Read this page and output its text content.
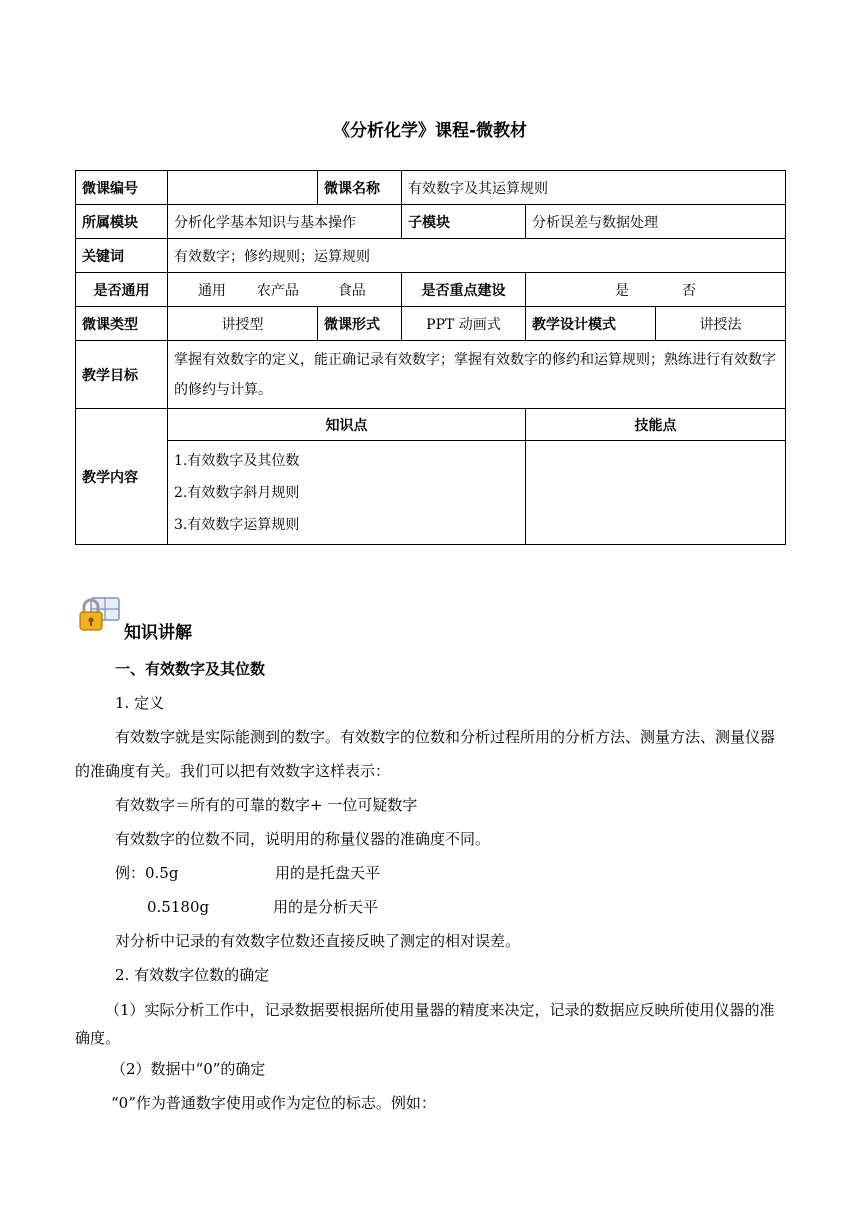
《分析化学》课程-微教材
微课编号		微课名称	有效数字及其运算规则		
所属模块	分析化学基本知识与基本操作		子模块	分析误差与数据处理	
关键词	有效数字；修约规则；运算规则				
是否通用	通用 农产品 食品		是否重点建设	是 否	
微课类型	讲授型	微课形式	PPT 动画式	教学设计模式	讲授法
教学目标	掌握有效数字的定义，能正确记录有效数字；掌握有效数字的修约和运算规则；熟练进行有效数字的修约与计算。				
教学内容	知识点			技能点	

	1.有效数字及其位数

2.有效数字斜月规则

3.有效数字运算规则				

知识讲解

一、有效数字及其位数

1. 定义

有效数字就是实际能测到的数字。有效数字的位数和分析过程所用的分析方法、测量方法、测量仪器的准确度有关。我们可以把有效数字这样表示：

有效数字＝所有的可靠的数字+ 一位可疑数字

有效数字的位数不同，说明用的称量仪器的准确度不同。

例：0.5g	用的是托盘天平

0.5180g	用的是分析天平

对分析中记录的有效数字位数还直接反映了测定的相对误差。

2. 有效数字位数的确定

（1）实际分析工作中，记录数据要根据所使用量器的精度来决定，记录的数据应反映所使用仪器的准确度。

（2）数据中“0”的确定

“0”作为普通数字使用或作为定位的标志。例如：
